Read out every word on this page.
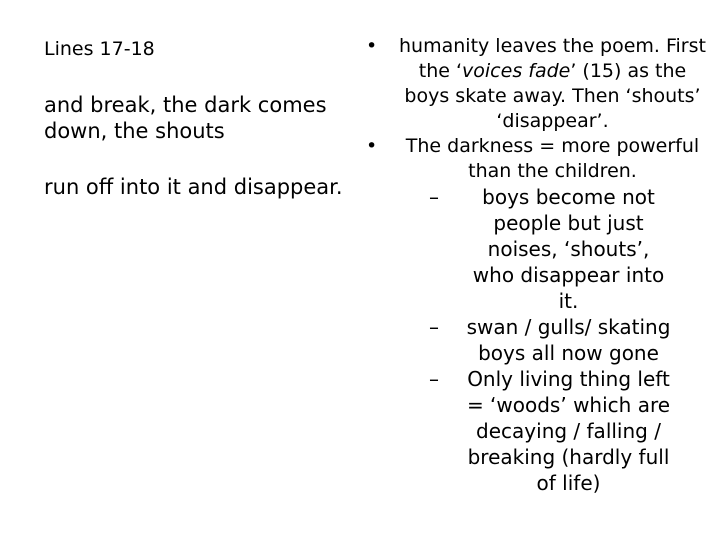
Lines 17-18

and break, the dark comes down, the shouts

run off into it and disappear.

• humanity leaves the poem. First the ‘voices fade’ (15) as the boys skate away. Then ‘shouts’ ‘disappear’.
• The darkness = more powerful than the children.
– boys become not people but just noises, ‘shouts’, who disappear into it.
– swan / gulls/ skating boys all now gone
– Only living thing left = ‘woods’ which are decaying / falling / breaking (hardly full of life)
